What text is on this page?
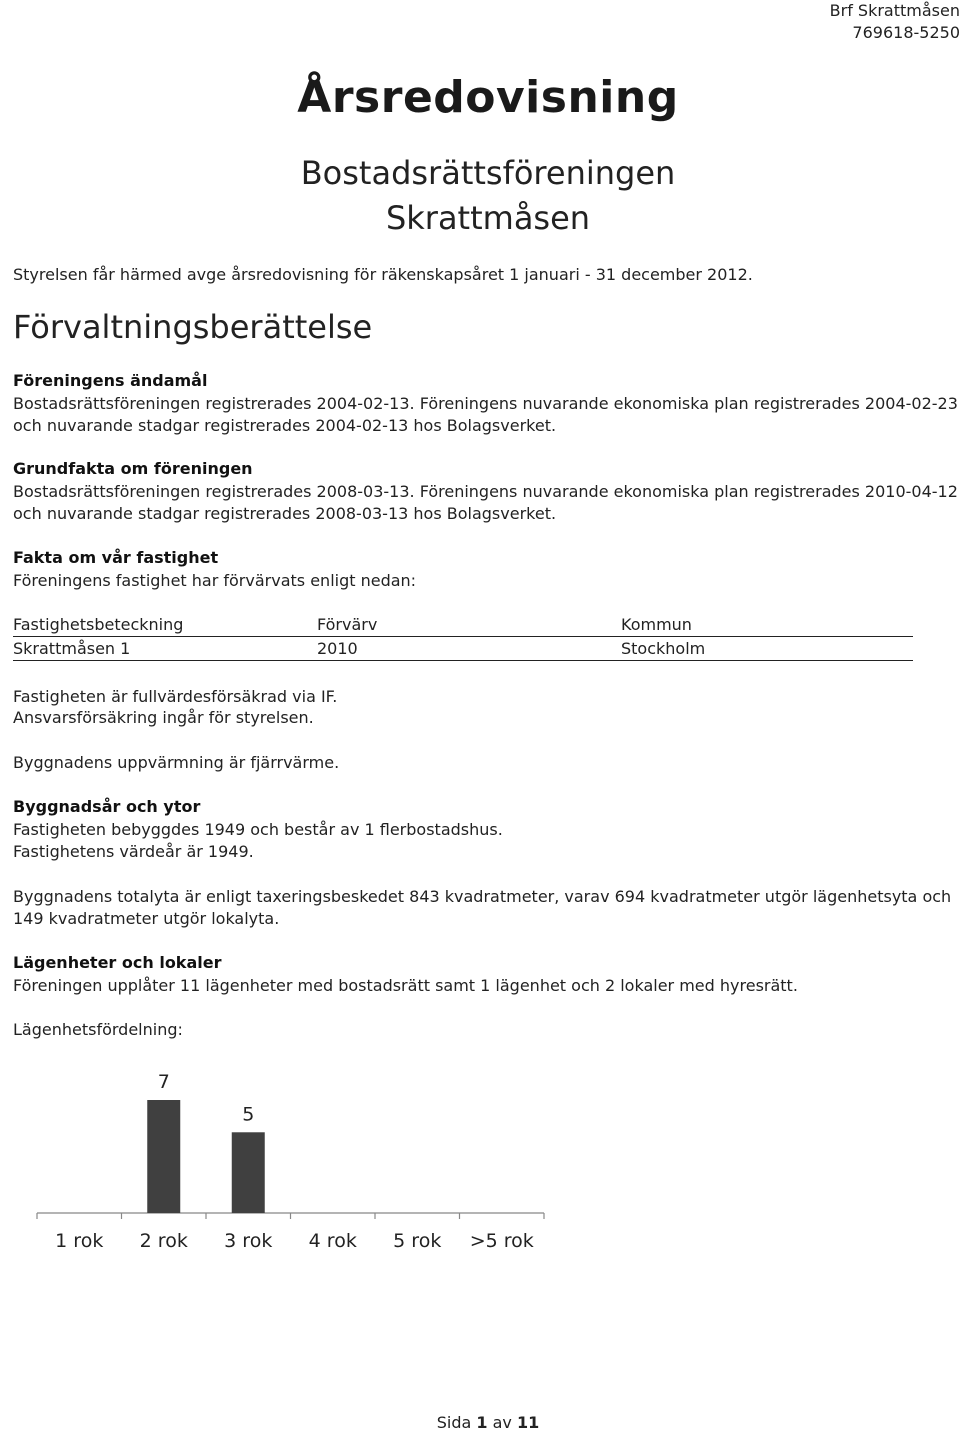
Brf Skrattmåsen
769618-5250
Årsredovisning
Bostadsrättsföreningen
Skrattmåsen
Styrelsen får härmed avge årsredovisning för räkenskapsåret 1 januari - 31 december 2012.
Förvaltningsberättelse
Föreningens ändamål
Bostadsrättsföreningen registrerades 2004-02-13. Föreningens nuvarande ekonomiska plan registrerades 2004-02-23 och nuvarande stadgar registrerades 2004-02-13 hos Bolagsverket.
Grundfakta om föreningen
Bostadsrättsföreningen registrerades 2008-03-13. Föreningens nuvarande ekonomiska plan registrerades 2010-04-12 och nuvarande stadgar registrerades 2008-03-13 hos Bolagsverket.
Fakta om vår fastighet
Föreningens fastighet har förvärvats enligt nedan:
Fastighetsbeteckning	Förvärv	Kommun
Skrattmåsen 1	2010	Stockholm
Fastigheten är fullvärdesförsäkrad via IF.
Ansvarsförsäkring ingår för styrelsen.
Byggnadens uppvärmning är fjärrvärme.
Byggnadsår och ytor
Fastigheten bebyggdes 1949 och består av 1 flerbostadshus.
Fastighetens värdeår är 1949.
Byggnadens totalyta är enligt taxeringsbeskedet 843 kvadratmeter, varav 694 kvadratmeter utgör lägenhetsyta och 149 kvadratmeter utgör lokalyta.
Lägenheter och lokaler
Föreningen upplåter 11 lägenheter med bostadsrätt samt 1 lägenhet och 2 lokaler med hyresrätt.
Lägenhetsfördelning:
1 rok
7
2 rok
5
3 rok 4 rok 5 rok >5 rok
Sida 1 av 11
